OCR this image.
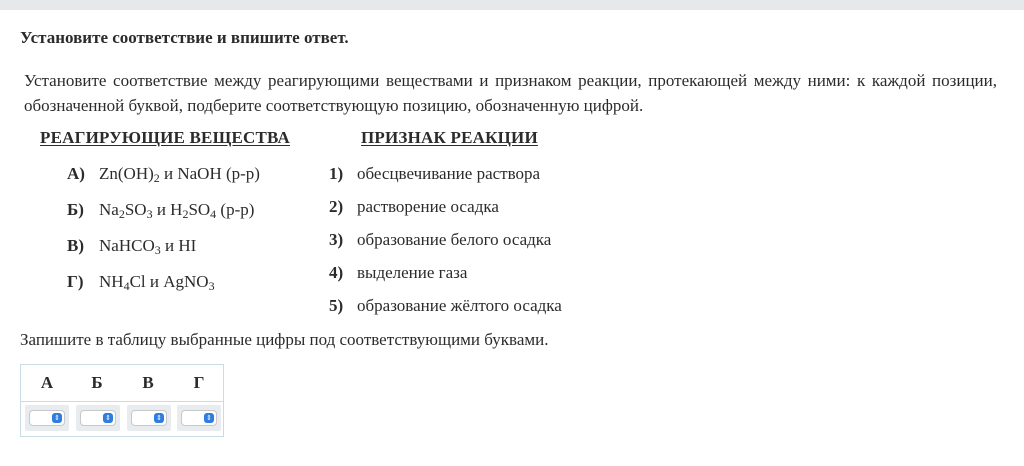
Установите соответствие и впишите ответ.
Установите соответствие между реагирующими веществами и признаком реакции, протекающей между ними: к каждой позиции, обозначенной буквой, подберите соответствующую позицию, обозначенную цифрой.
РЕАГИРУЮЩИЕ ВЕЩЕСТВА
А) $Zn(OH)_2$ и NaOH (р-р)
Б) $Na_2SO_3$ и $H_2SO_4$ (р-р)
В) NaHCO$_3$ и HI
Г) $NH_4Cl$ и AgNO$_3$
ПРИЗНАК РЕАКЦИИ
1) обесцвечивание раствора
2) растворение осадка
3) образование белого осадка
4) выделение газа
5) образование жёлтого осадка
Запишите в таблицу выбранные цифры под соответствующими буквами.
А	Б	В	Г
⇕	⇕	⇕	⇕
